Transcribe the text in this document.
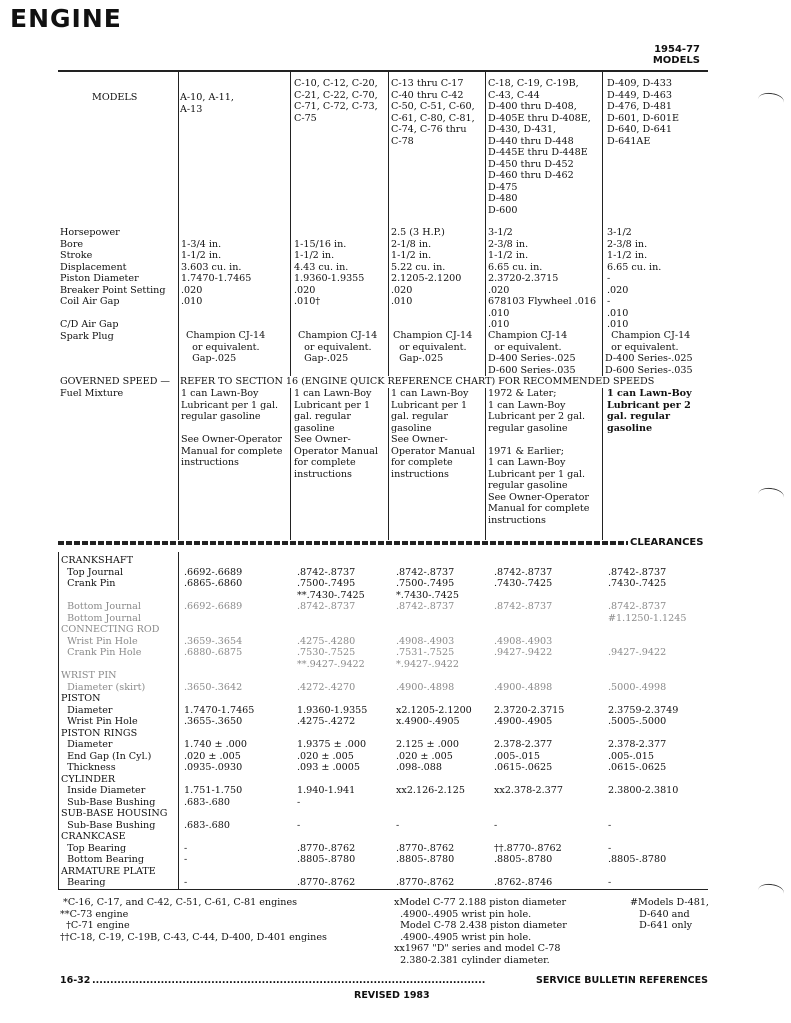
ENGINE
1954-77
MODELS
MODELS	A-10, A-11,
A-13
C-10, C-12, C-20,
C-21, C-22, C-70,
C-71, C-72, C-73,
C-75
C-13 thru C-17
C-40 thru C-42
C-50, C-51, C-60,
C-61, C-80, C-81,
C-74, C-76 thru
C-78
C-18, C-19, C-19B,
C-43, C-44
D-400 thru D-408,
D-405E thru D-408E,
D-430, D-431,
D-440 thru D-448
D-445E thru D-448E
D-450 thru D-452
D-460 thru D-462
D-475
D-480
D-600
D-409, D-433
D-449, D-463
D-476, D-481
D-601, D-601E
D-640, D-641
D-641AE
Horsepower
Bore
Stroke
Displacement
Piston Diameter
Breaker Point Setting
Coil Air Gap

C/D Air Gap
Spark Plug

1-3/4 in.
1-1/2 in.
3.603 cu. in.
1.7470-1.7465
.020
.010

1-15/16 in.
1-1/2 in.
4.43 cu. in.
1.9360-1.9355
.020
.010†
2.5 (3 H.P.)
2-1/8 in.
1-1/2 in.
5.22 cu. in.
2.1205-2.1200
.020
.010
3-1/2
2-3/8 in.
1-1/2 in.
6.65 cu. in.
2.3720-2.3715
.020
678103 Flywheel .016
.010
.010
3-1/2
2-3/8 in.
1-1/2 in.
6.65 cu. in.
-
.020
-
.010
.010
Champion CJ-14
or equivalent.
Gap-.025
Champion CJ-14
or equivalent.
Gap-.025
Champion CJ-14
or equivalent.
Gap-.025
Champion CJ-14
or equivalent.
D-400 Series-.025
D-600 Series-.035
Champion CJ-14
or equivalent.
D-400 Series-.025
D-600 Series-.035
GOVERNED SPEED —
Fuel Mixture
REFER TO SECTION 16 (ENGINE QUICK REFERENCE CHART) FOR RECOMMENDED SPEEDS
1 can Lawn-Boy
Lubricant per 1 gal.
regular gasoline

See Owner-Operator
Manual for complete
instructions
1 can Lawn-Boy
Lubricant per 1
gal. regular
gasoline
See Owner-
Operator Manual
for complete
instructions
1 can Lawn-Boy
Lubricant per 1
gal. regular
gasoline
See Owner-
Operator Manual
for complete
instructions
1972 & Later;
1 can Lawn-Boy
Lubricant per 2 gal.
regular gasoline

1971 & Earlier;
1 can Lawn-Boy
Lubricant per 1 gal.
regular gasoline
See Owner-Operator
Manual for complete
instructions
1 can Lawn-Boy
Lubricant per 2
gal. regular
gasoline
CLEARANCES
CRANKSHAFT
Top Journal
Crank Pin
Bottom Journal
Bottom Journal
CONNECTING ROD
Wrist Pin Hole
Crank Pin Hole

WRIST PIN
Diameter (skirt)
PISTON
Diameter
Wrist Pin Hole
PISTON RINGS
Diameter
End Gap (In Cyl.)
Thickness
CYLINDER
Inside Diameter
Sub-Base Bushing
SUB-BASE HOUSING
Sub-Base Bushing
CRANKCASE
Top Bearing
Bottom Bearing
ARMATURE PLATE
Bearing

.6692-.6689
.6865-.6860
.6692-.6689

.3659-.3654
.6880-.6875

.3650-.3642

1.7470-1.7465
.3655-.3650

1.740 ± .000
.020 ± .005
.0935-.0930

1.751-1.750
.683-.680

.683-.680

-
-

-

.8742-.8737
.7500-.7495
**.7430-.7425
.8742-.8737

.4275-.4280
.7530-.7525
**.9427-.9422

.4272-.4270

1.9360-1.9355
.4275-.4272

1.9375 ± .000
.020 ± .005
.093 ± .0005

1.940-1.941
-

-

.8770-.8762
.8805-.8780

.8770-.8762

.8742-.8737
.7500-.7495
*.7430-.7425
.8742-.8737

.4908-.4903
.7531-.7525
*.9427-.9422

.4900-.4898

x2.1205-2.1200
x.4900-.4905

2.125 ± .000
.020 ± .005
.098-.088

xx2.126-2.125

-

.8770-.8762
.8805-.8780

.8770-.8762

.8742-.8737
.7430-.7425
.8742-.8737

.4908-.4903
.9427-.9422

.4900-.4898

2.3720-2.3715
.4900-.4905

2.378-2.377
.005-.015
.0615-.0625

xx2.378-2.377

-

††.8770-.8762
.8805-.8780

.8762-.8746

.8742-.8737
.7430-.7425
.8742-.8737
#1.1250-1.1245

.9427-.9422

.5000-.4998

2.3759-2.3749
.5005-.5000

2.378-2.377
.005-.015
.0615-.0625

2.3800-2.3810

-

-
.8805-.8780

-
*C-16, C-17, and C-42, C-51, C-61, C-81 engines
**C-73 engine
†C-71 engine
††C-18, C-19, C-19B, C-43, C-44, D-400, D-401 engines
xModel C-77 2.188 piston diameter
.4900-.4905 wrist pin hole.
Model C-78 2.438 piston diameter
.4900-.4905 wrist pin hole.
xx1967 "D" series and model C-78
2.380-2.381 cylinder diameter.
#Models D-481,
D-640 and
D-641 only
16-32 .............................................................................................................	SERVICE BULLETIN REFERENCES
REVISED 1983
